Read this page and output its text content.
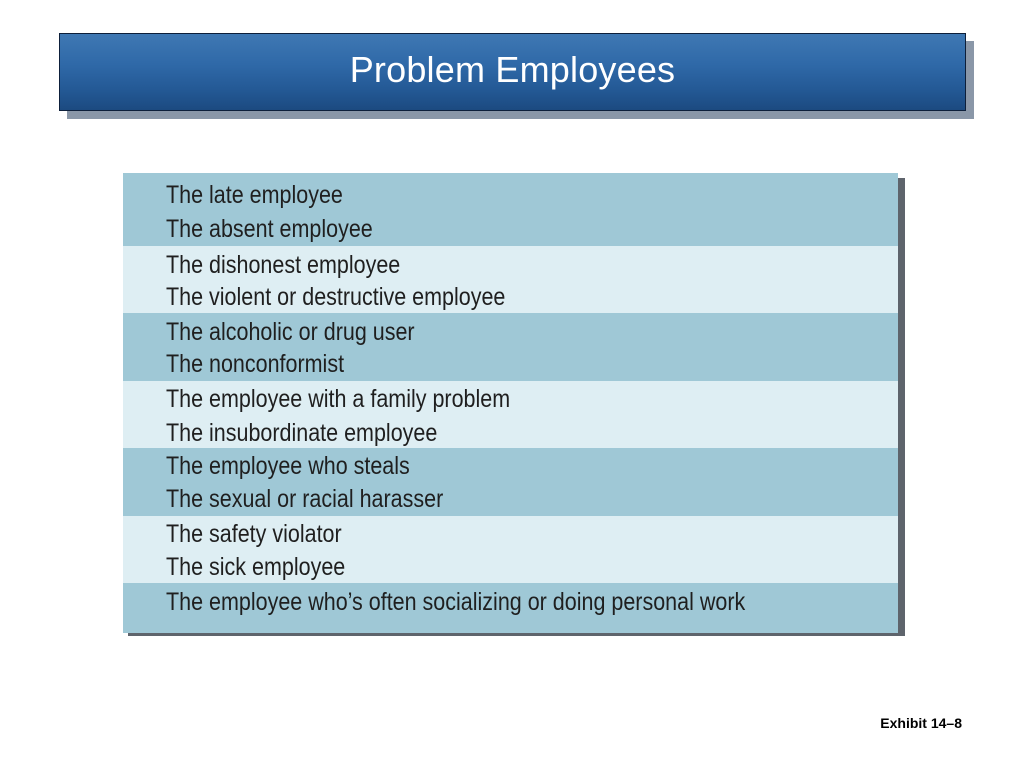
Problem Employees
The late employee
The absent employee
The dishonest employee
The violent or destructive employee
The alcoholic or drug user
The nonconformist
The employee with a family problem
The insubordinate employee
The employee who steals
The sexual or racial harasser
The safety violator
The sick employee
The employee who’s often socializing or doing personal work
Exhibit 14–8
